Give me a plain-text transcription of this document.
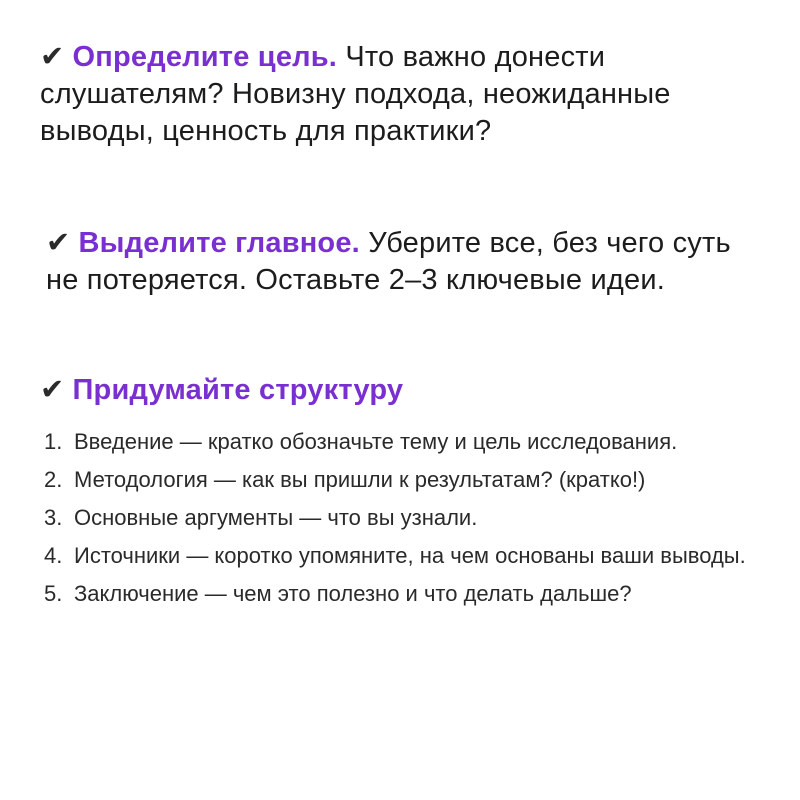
✔ Определите цель. Что важно донести слушателям? Новизну подхода, неожиданные выводы, ценность для практики?
✔ Выделите главное. Уберите все, без чего суть не потеряется. Оставьте 2–3 ключевые идеи.
✔ Придумайте структуру
1. Введение — кратко обозначьте тему и цель исследования.
2. Методология — как вы пришли к результатам? (кратко!)
3. Основные аргументы — что вы узнали.
4. Источники — коротко упомяните, на чем основаны ваши выводы.
5. Заключение — чем это полезно и что делать дальше?
